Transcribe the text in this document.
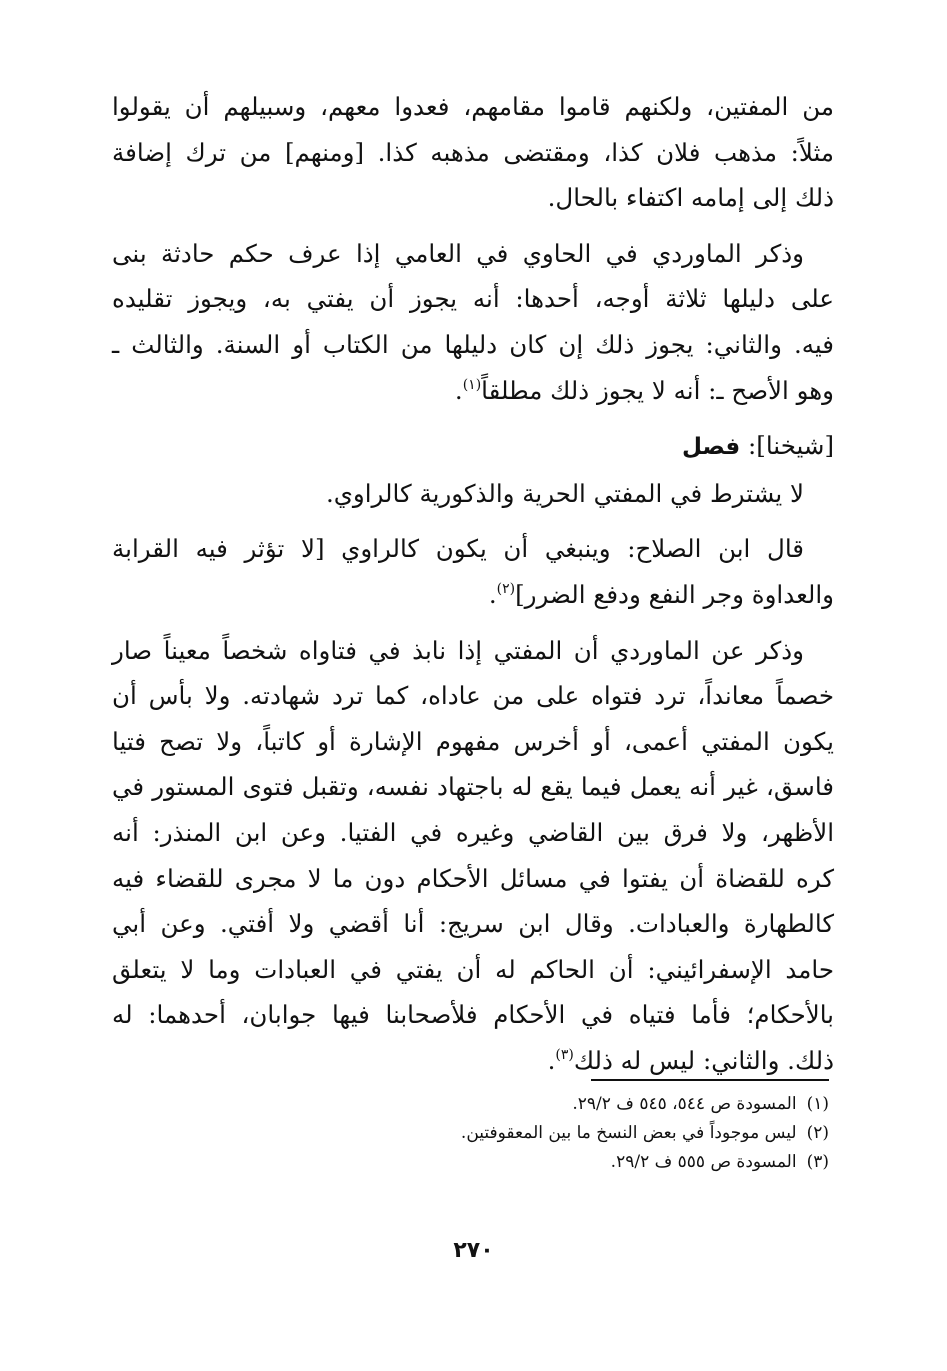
من المفتين، ولكنهم قاموا مقامهم، فعدوا معهم، وسبيلهم أن يقولوا
مثلاً: مذهب فلان كذا، ومقتضى مذهبه كذا. [ومنهم] من ترك إضافة
ذلك إلى إمامه اكتفاء بالحال.

وذكر الماوردي في الحاوي في العامي إذا عرف حكم حادثة بنى
على دليلها ثلاثة أوجه، أحدها: أنه يجوز أن يفتي به، ويجوز تقليده
فيه. والثاني: يجوز ذلك إن كان دليلها من الكتاب أو السنة. والثالث ـ
وهو الأصح ـ: أنه لا يجوز ذلك مطلقاً$^{(١)}$.

[شيخنا]: فصل

لا يشترط في المفتي الحرية والذكورية كالراوي.

قال ابن الصلاح: وينبغي أن يكون كالراوي [لا تؤثر فيه القرابة
والعداوة وجر النفع ودفع الضرر]$^{(٢)}$.

وذكر عن الماوردي أن المفتي إذا نابذ في فتاواه شخصاً معيناً صار
خصماً معانداً، ترد فتواه على من عاداه، كما ترد شهادته. ولا بأس أن
يكون المفتي أعمى، أو أخرس مفهوم الإشارة أو كاتباً، ولا تصح فتيا
فاسق، غير أنه يعمل فيما يقع له باجتهاد نفسه، وتقبل فتوى المستور في
الأظهر، ولا فرق بين القاضي وغيره في الفتيا. وعن ابن المنذر: أنه
كره للقضاة أن يفتوا في مسائل الأحكام دون ما لا مجرى للقضاء فيه
كالطهارة والعبادات. وقال ابن سريج: أنا أقضي ولا أفتي. وعن أبي
حامد الإسفرائيني: أن الحاكم له أن يفتي في العبادات وما لا يتعلق
بالأحكام؛ فأما فتياه في الأحكام فلأصحابنا فيها جوابان، أحدهما: له
ذلك. والثاني: ليس له ذلك$^{(٣)}$.

(١)المسودة ص ٥٤٤، ٥٤٥ ف ٢٩/٢.
(٢)ليس موجوداً في بعض النسخ ما بين المعقوفتين.
(٣)المسودة ص ٥٥٥ ف ٢٩/٢.
٢٧٠
